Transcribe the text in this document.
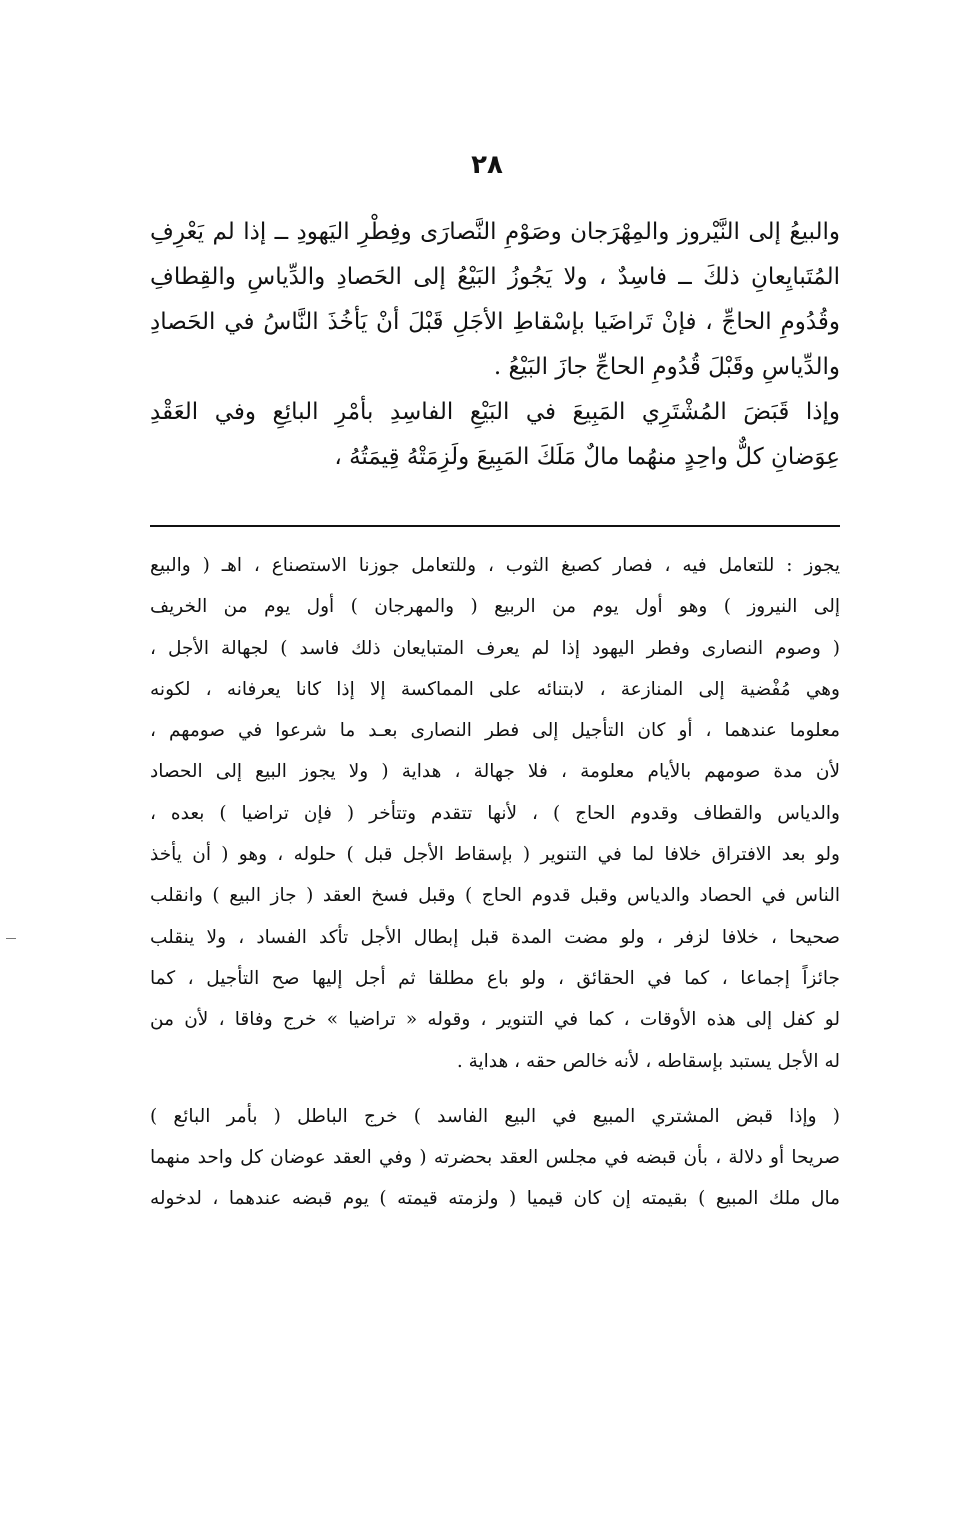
٢٨
والبيعُ إلى النَّيْروز والمِهْرَجان وصَوْمِ النَّصارَى وفِطْرِ اليَهودِ ــ إذا لم يَعْرِفِ
المُتَبايِعانِ ذلكَ ــ فاسِدٌ ، ولا يَجُوزُ البَيْعُ إلى الحَصادِ والدِّياسِ والقِطافِ
وقُدُومِ الحاجِّ ، فإنْ تَراضَيا بإسْقاطِ الأجَلِ قَبْلَ أنْ يَأخُذَ النَّاسُ في الحَصادِ
والدِّياسِ وقَبْلَ قُدُومِ الحاجِّ جازَ البَيْعُ .
وإذا قَبَضَ المُشْتَرِي المَبِيعَ في البَيْعِ الفاسِدِ بأمْرِ البائِعِ وفي العَقْدِ
عِوَضانِ كلٌّ واحِدٍ منهُما مالٌ مَلَكَ المَبِيعَ ولَزِمَتْهُ قِيمَتُهُ ،
يجوز : للتعامل فيه ، فصار كصبغ الثوب ، وللتعامل جوزنا الاستصناع ، اهـ ( والبيع
إلى النيروز ) وهو أول يوم من الربيع ( والمهرجان ) أول يوم من الخريف
( وصوم النصارى وفطر اليهود إذا لم يعرف المتبايعان ذلك فاسد ) لجهالة الأجل ،
وهي مُفْضية إلى المنازعة ، لابتنائه على المماكسة إلا إذا كانا يعرفانه ، لكونه
معلوما عندهما ، أو كان التأجيل إلى فطر النصارى بعـد ما شرعوا في صومهم ،
لأن مدة صومهم بالأيام معلومة ، فلا جهالة ، هداية ( ولا يجوز البيع إلى الحصاد
والدياس والقطاف وقدوم الحاج ) ، لأنها تتقدم وتتأخر ( فإن تراضيا ) بعده ،
ولو بعد الافتراق خلافا لما في التنوير ( بإسقاط الأجل قبل ) حلوله ، وهو ( أن يأخذ
الناس في الحصاد والدياس وقبل قدوم الحاج ) وقبل فسخ العقد ( جاز البيع ) وانقلب
صحيحا ، خلافا لزفر ، ولو مضت المدة قبل إبطال الأجل تأكد الفساد ، ولا ينقلب
جائزاً إجماعا ، كما في الحقائق ، ولو باع مطلقا ثم أجل إليها صح التأجيل ، كما
لو كفل إلى هذه الأوقات ، كما في التنوير ، وقوله « تراضيا » خرج وفاقا ، لأن من
له الأجل يستبد بإسقاطه ، لأنه خالص حقه ، هداية .
( وإذا قبض المشتري المبيع في البيع الفاسد ) خرج الباطل ( بأمر البائع )
صريحا أو دلالة ، بأن قبضه في مجلس العقد بحضرته ( وفي العقد عوضان كل واحد منهما
مال ملك المبيع ) بقيمته إن كان قيميا ( ولزمته قيمته ) يوم قبضه عندهما ، لدخوله
